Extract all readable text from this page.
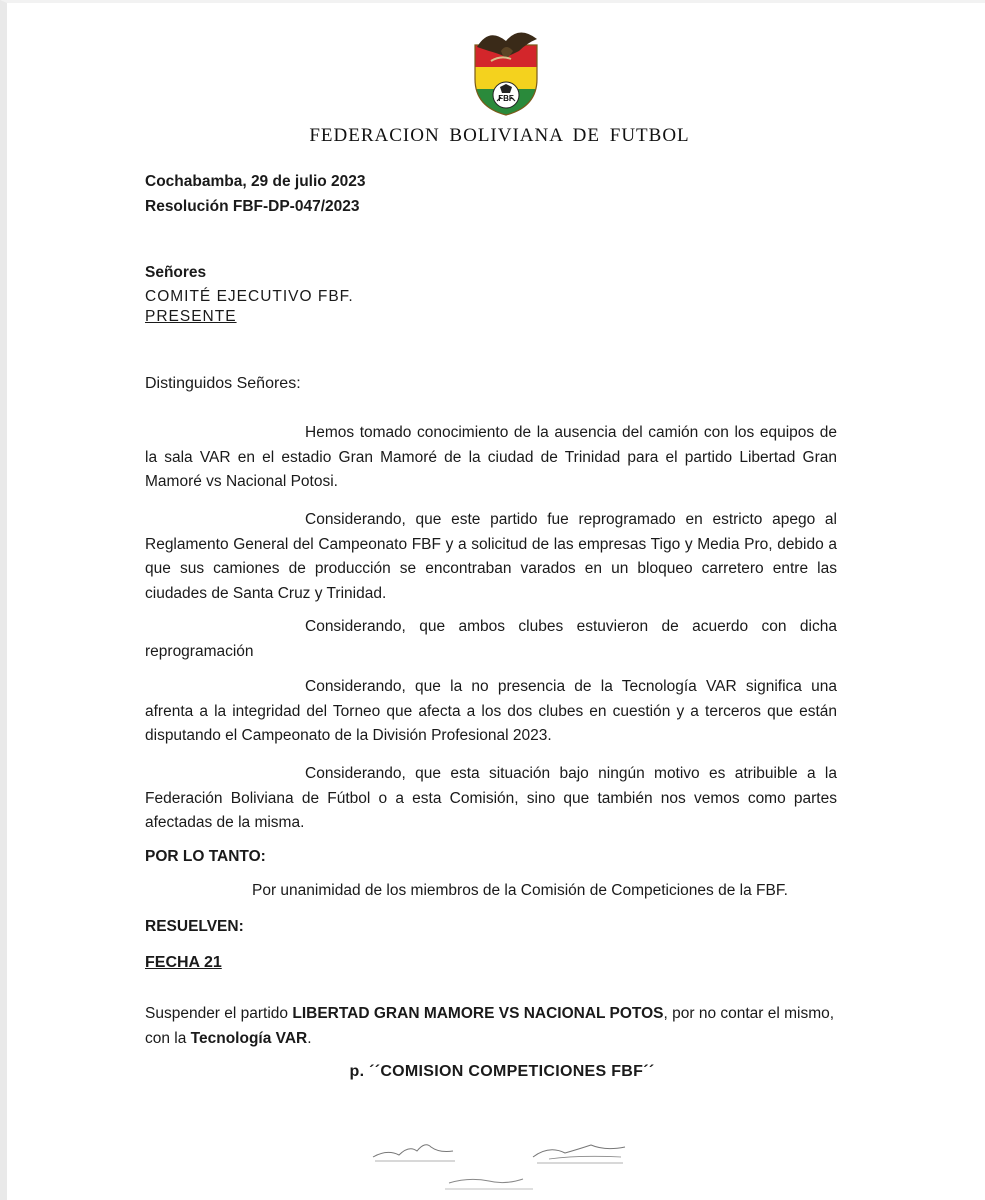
FBF
FEDERACION BOLIVIANA DE FUTBOL
Cochabamba, 29 de julio 2023
Resolución FBF-DP-047/2023
Señores
COMITÉ EJECUTIVO FBF.
PRESENTE
Distinguidos Señores:
Hemos tomado conocimiento de la ausencia del camión con los equipos de la sala VAR en el estadio Gran Mamoré de la ciudad de Trinidad para el partido Libertad Gran Mamoré vs Nacional Potosi.
Considerando, que este partido fue reprogramado en estricto apego al Reglamento General del Campeonato FBF y a solicitud de las empresas Tigo y Media Pro, debido a que sus camiones de producción se encontraban varados en un bloqueo carretero entre las ciudades de Santa Cruz y Trinidad.
Considerando, que ambos clubes estuvieron de acuerdo con dicha reprogramación
Considerando, que la no presencia de la Tecnología VAR significa una afrenta a la integridad del Torneo que afecta a los dos clubes en cuestión y a terceros que están disputando el Campeonato de la División Profesional 2023.
Considerando, que esta situación bajo ningún motivo es atribuible a la Federación Boliviana de Fútbol o a esta Comisión, sino que también nos vemos como partes afectadas de la misma.
POR LO TANTO:
Por unanimidad de los miembros de la Comisión de Competiciones de la FBF.
RESUELVEN:
FECHA 21
Suspender el partido LIBERTAD GRAN MAMORE VS NACIONAL POTOS, por no contar el mismo, con la Tecnología VAR.
p. ´´COMISION COMPETICIONES FBF´´
